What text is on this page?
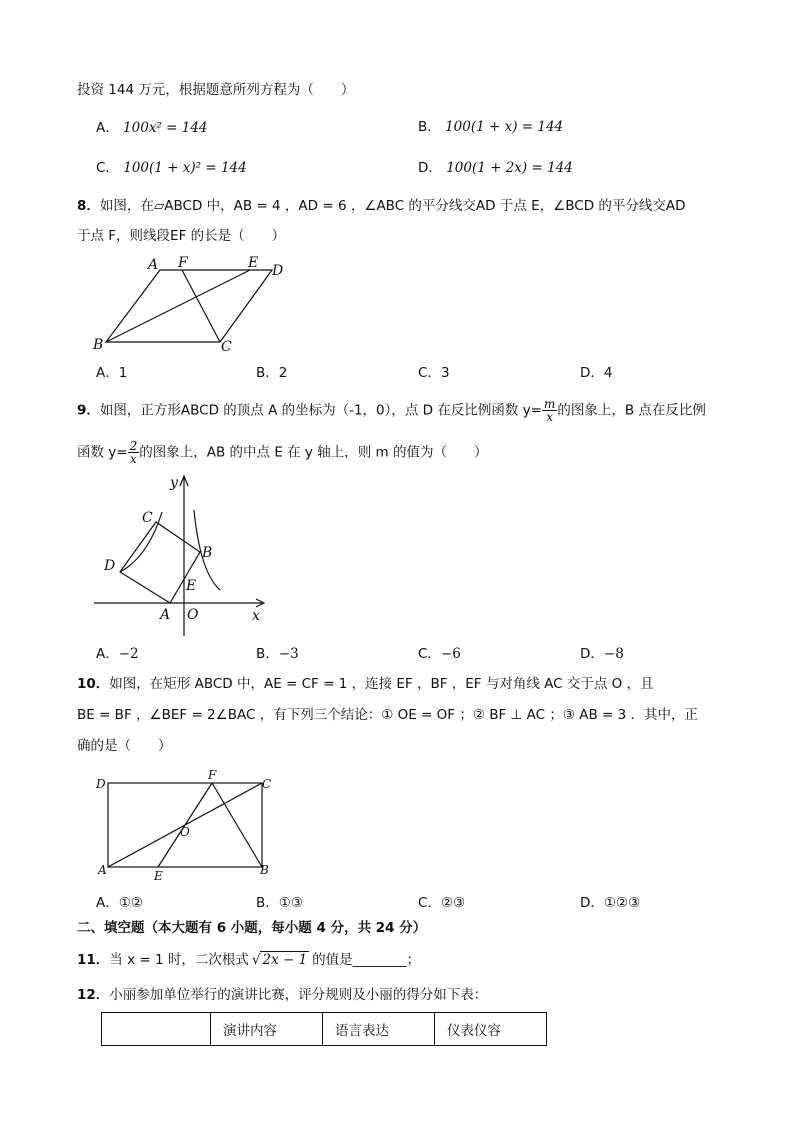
投资 144 万元，根据题意所列方程为（　　）
A． 100x² = 144	B． 100(1 + x) = 144
C． 100(1 + x)² = 144	D． 100(1 + 2x) = 144
8．如图，在▱ABCD 中，AB = 4 ，AD = 6 ，∠ABC 的平分线交AD 于点 E，∠BCD 的平分线交AD
于点 F，则线段EF 的长是（　　）
A F	E D
B	C
A．1	B．2	C．3	D．4
9．如图，正方形ABCD 的顶点 A 的坐标为（-1，0），点 D 在反比例函数 $y= \frac{m}{x}$ 的图象上，B 点在反比例
函数 $y= \frac{2}{x}$ 的图象上，AB 的中点 E 在 y 轴上，则 m 的值为（　　）
y
x
C
D
B
E
A O
A．−2	B．−3	C．−6	D．−8
10．如图，在矩形 ABCD 中，AE = CF = 1 ，连接 EF ，BF ，EF 与对角线 AC 交于点 O ，且
BE = BF ，∠BEF = 2∠BAC ，有下列三个结论：① OE = OF ；② BF ⊥ AC ；③ AB = 3 ．其中，正
确的是（　　）
D
F
C
O
A	E	B
A．①②	B．①③	C．②③	D．①②③
二、填空题（本大题有 6 小题，每小题 4 分，共 24 分）
11．当 x = 1 时，二次根式 √ 2x − 1 的值是________；
12．小丽参加单位举行的演讲比赛，评分规则及小丽的得分如下表：
	演讲内容	语言表达	仪表仪容
